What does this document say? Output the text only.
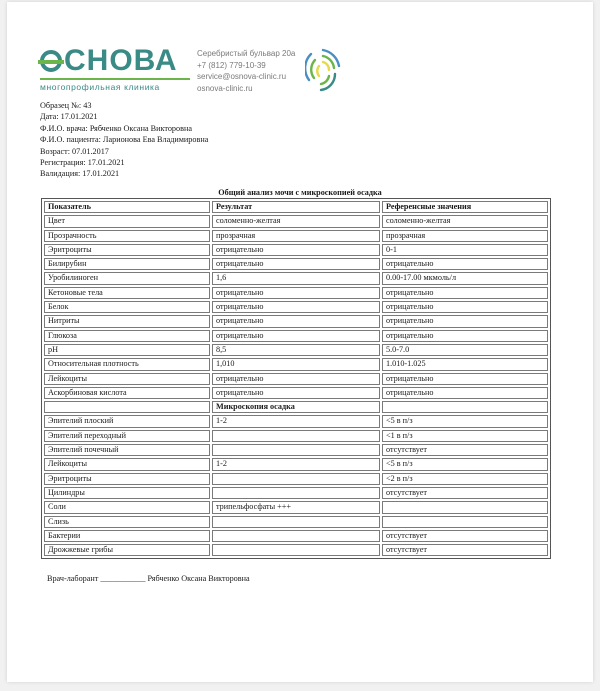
СНОВА
многопрофильная клиника
Серебристый бульвар 20а
+7 (812) 779-10-39
service@osnova-clinic.ru
osnova-clinic.ru
Образец №: 43
Дата: 17.01.2021
Ф.И.О. врача: Рябченко Оксана Викторовна
Ф.И.О. пациента: Ларионова Ева Владимировна
Возраст: 07.01.2017
Регистрация: 17.01.2021
Валидация: 17.01.2021
Общий анализ мочи с микроскопией осадка
Показатель	Результат	Референсные значения
Цвет	соломенно-желтая	соломенно-желтая
Прозрачность	прозрачная	прозрачная
Эритроциты	отрицательно	0-1
Билирубин	отрицательно	отрицательно
Уробилиноген	1,6	0.00-17.00 мкмоль/л
Кетоновые тела	отрицательно	отрицательно
Белок	отрицательно	отрицательно
Нитриты	отрицательно	отрицательно
Глюкоза	отрицательно	отрицательно
pH	8,5	5.0-7.0
Относительная плотность	1,010	1.010-1.025
Лейкоциты	отрицательно	отрицательно
Аскорбиновая кислота	отрицательно	отрицательно
	Микроскопия осадка	
Эпителий плоский	1-2	<5 в п/з
Эпителий переходный		<1 в п/з
Эпителий почечный		отсутствует
Лейкоциты	1-2	<5 в п/з
Эритроциты		<2 в п/з
Цилиндры		отсутствует
Соли	трипельфосфаты +++	
Слизь		
Бактерии		отсутствует
Дрожжевые грибы		отсутствует
Врач-лаборант ___________ Рябченко Оксана Викторовна
